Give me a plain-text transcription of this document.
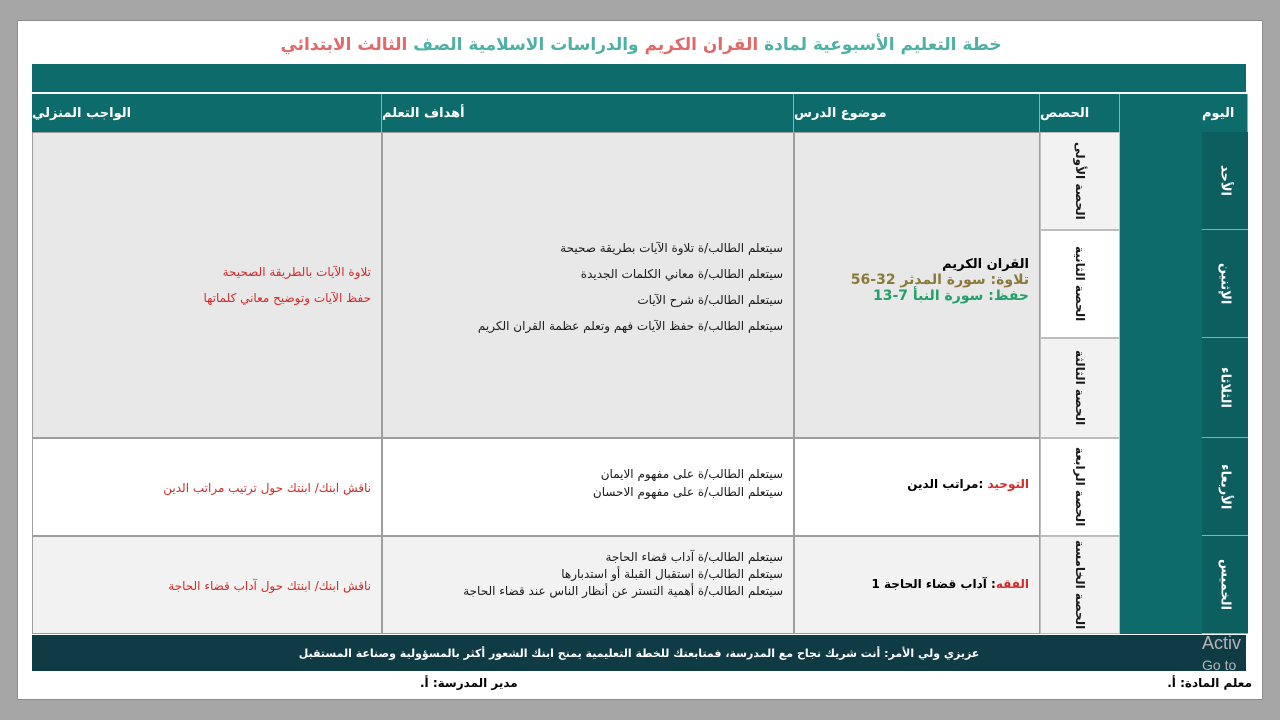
خطة التعليم الأسبوعية لمادة القران الكريم والدراسات الاسلامية الصف الثالث الابتدائي
اليوم
الحصص
موضوع الدرس
أهداف التعلم
الواجب المنزلي
الأحد
الإثنين
الثلاثاء
الأربعاء
الخميس
الحصة الأولى
الحصة الثانية
الحصة الثالثة
الحصة الرابعة
الحصة الخامسة
القران الكريم
تلاوة: سورة المدثر 32-56
حفظ: سورة النبأ 7-13
سيتعلم الطالب/ة تلاوة الآيات بطريقة صحيحة
سيتعلم الطالب/ة معاني الكلمات الجديدة
سيتعلم الطالب/ة شرح الآيات
سيتعلم الطالب/ة حفظ الآيات فهم وتعلم عظمة القران الكريم
تلاوة الآيات بالطريقة الصحيحة
حفظ الآيات وتوضيح معاني كلماتها
التوحيد :مراتب الدين
سيتعلم الطالب/ة على مفهوم الايمان
سيتعلم الطالب/ة على مفهوم الاحسان
ناقش ابنك/ ابنتك حول ترتيب مراتب الدين
الفقه: آداب قضاء الحاجة 1
سيتعلم الطالب/ة آداب قضاء الحاجة
سيتعلم الطالب/ة استقبال القبلة أو استدبارها
سيتعلم الطالب/ة أهمية التستر عن أنظار الناس عند قضاء الحاجة
ناقش ابنك/ ابنتك حول آداب قضاء الحاجة
عزيزي ولي الأمر: أنت شريك نجاح مع المدرسة، فمتابعتك للخطة التعليمية يمنح ابنك الشعور أكثر بالمسؤولية وصناعة المستقبل
معلم المادة: أ.
مدير المدرسة: أ.
Activ
Go to
